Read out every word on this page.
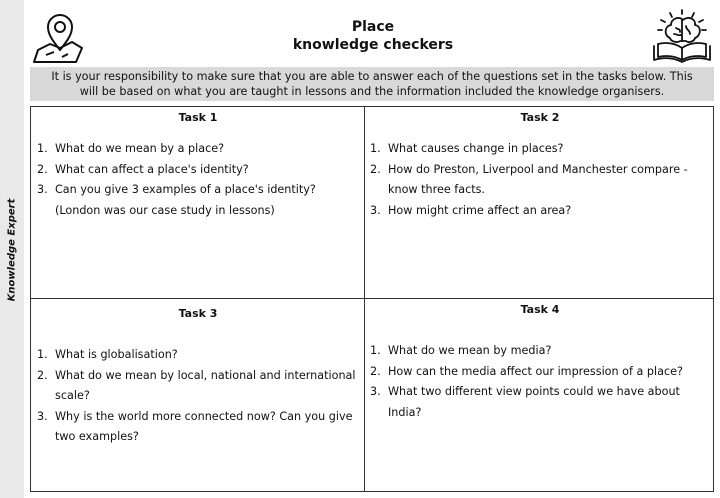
Knowledge Expert
Place
knowledge checkers
It is your responsibility to make sure that you are able to answer each of the questions set in the tasks below. This will be based on what you are taught in lessons and the information included the knowledge organisers.
Task 1
1. What do we mean by a place?
2. What can affect a place's identity?
3. Can you give 3 examples of a place's identity? (London was our case study in lessons)
Task 2
1. What causes change in places?
2. How do Preston, Liverpool and Manchester compare - know three facts.
3. How might crime affect an area?
Task 3
1. What is globalisation?
2. What do we mean by local, national and international scale?
3. Why is the world more connected now? Can you give two examples?
Task 4
1. What do we mean by media?
2. How can the media affect our impression of a place?
3. What two different view points could we have about India?
